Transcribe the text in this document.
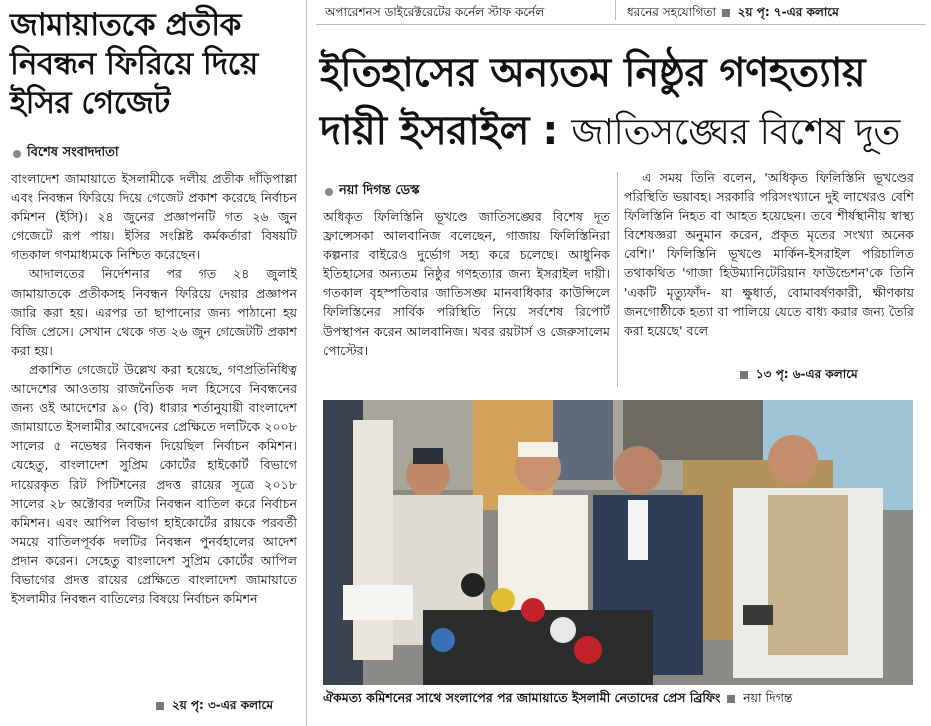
অপারেশনস ডাইরেক্টরেটের কর্নেল স্টাফ কর্নেল	ধরনের সহযোগিতা ২য় পৃ: ৭-এর কলামে
জামায়াতকে প্রতীক
নিবন্ধন ফিরিয়ে দিয়ে
ইসির গেজেট
বিশেষ সংবাদদাতা

বাংলাদেশ জামায়াতে ইসলামীকে দলীয় প্রতীক দাঁড়িপাল্লা এবং নিবন্ধন ফিরিয়ে দিয়ে গেজেট প্রকাশ করেছে নির্বাচন কমিশন (ইসি)। ২৪ জুনের প্রজ্ঞাপনটি গত ২৬ জুন গেজেটে রূপ পায়। ইসির সংশ্লিষ্ট কর্মকর্তারা বিষয়টি গতকাল গণমাধ্যমকে নিশ্চিত করেছেন।

আদালতের নির্দেশনার পর গত ২৪ জুলাই জামায়াতকে প্রতীকসহ নিবন্ধন ফিরিয়ে দেয়ার প্রজ্ঞাপন জারি করা হয়। এরপর তা ছাপানোর জন্য পাঠানো হয় বিজি প্রেসে। সেখান থেকে গত ২৬ জুন গেজেটটি প্রকাশ করা হয়।

প্রকাশিত গেজেটে উল্লেখ করা হয়েছে, গণপ্রতিনিধিত্ব আদেশের আওতায় রাজনৈতিক দল হিসেবে নিবন্ধনের জন্য ওই আদেশের ৯০ (বি) ধারার শর্তানুযায়ী বাংলাদেশ জামায়াতে ইসলামীর আবেদনের প্রেক্ষিতে দলটিকে ২০০৮ সালের ৫ নভেম্বর নিবন্ধন দিয়েছিল নির্বাচন কমিশন। যেহেতু, বাংলাদেশ সুপ্রিম কোর্টের হাইকোর্ট বিভাগে দায়েরকৃত রিট পিটিশনের প্রদত্ত রায়ের সূত্রে ২০১৮ সালের ২৮ অক্টোবর দলটির নিবন্ধন বাতিল করে নির্বাচন কমিশন। এবং আপিল বিভাগ হাইকোর্টের রায়কে পরবর্তী সময়ে বাতিলপূর্বক দলটির নিবন্ধন পুনর্বহালের আদেশ প্রদান করেন। সেহেতু বাংলাদেশ সুপ্রিম কোর্টের আপিল বিভাগের প্রদত্ত রায়ের প্রেক্ষিতে বাংলাদেশ জামায়াতে ইসলামীর নিবন্ধন বাতিলের বিষয়ে নির্বাচন কমিশন

২য় পৃ: ৩-এর কলামে
ইতিহাসের অন্যতম নিষ্ঠুর গণহত্যায়
দায়ী ইসরাইল : জাতিসঙ্ঘের বিশেষ দূত
নয়া দিগন্ত ডেস্ক

অধিকৃত ফিলিস্তিনি ভূখণ্ডে জাতিসঙ্ঘের বিশেষ দূত ফ্রান্সেসকা আলবানিজ বলেছেন, গাজায় ফিলিস্তিনিরা কল্পনার বাইরেও দুর্ভোগ সহ্য করে চলেছে। আধুনিক ইতিহাসের অন্যতম নিষ্ঠুর গণহত্যার জন্য ইসরাইল দায়ী। গতকাল বৃহস্পতিবার জাতিসঙ্ঘ মানবাধিকার কাউন্সিলে ফিলিস্তিনের সার্বিক পরিস্থিতি নিয়ে সর্বশেষ রিপোর্ট উপস্থাপন করেন আলবানিজ। খবর রয়টার্স ও জেরুসালেম পোস্টের।

এ সময় তিনি বলেন, 'অধিকৃত ফিলিস্তিনি ভূখণ্ডের পরিস্থিতি ভয়াবহ। সরকারি পরিসংখ্যানে দুই লাখেরও বেশি ফিলিস্তিনি নিহত বা আহত হয়েছেন। তবে শীর্ষস্থানীয় স্বাস্থ্য বিশেষজ্ঞরা অনুমান করেন, প্রকৃত মৃতের সংখ্যা অনেক বেশি।' ফিলিস্তিনি ভূখণ্ডে মার্কিন-ইসরাইল পরিচালিত তথাকথিত 'গাজা হিউম্যানিটেরিয়ান ফাউন্ডেশন'কে তিনি 'একটি মৃত্যুফাঁদ- যা ক্ষুধার্ত, বোমাবর্ষণকারী, ক্ষীণকায় জনগোষ্ঠীকে হত্যা বা পালিয়ে যেতে বাধ্য করার জন্য তৈরি করা হয়েছে' বলে

১৩ পৃ: ৬-এর কলামে
ঐকমত্য কমিশনের সাথে সংলাপের পর জামায়াতে ইসলামী নেতাদের প্রেস ব্রিফিং নয়া দিগন্ত
